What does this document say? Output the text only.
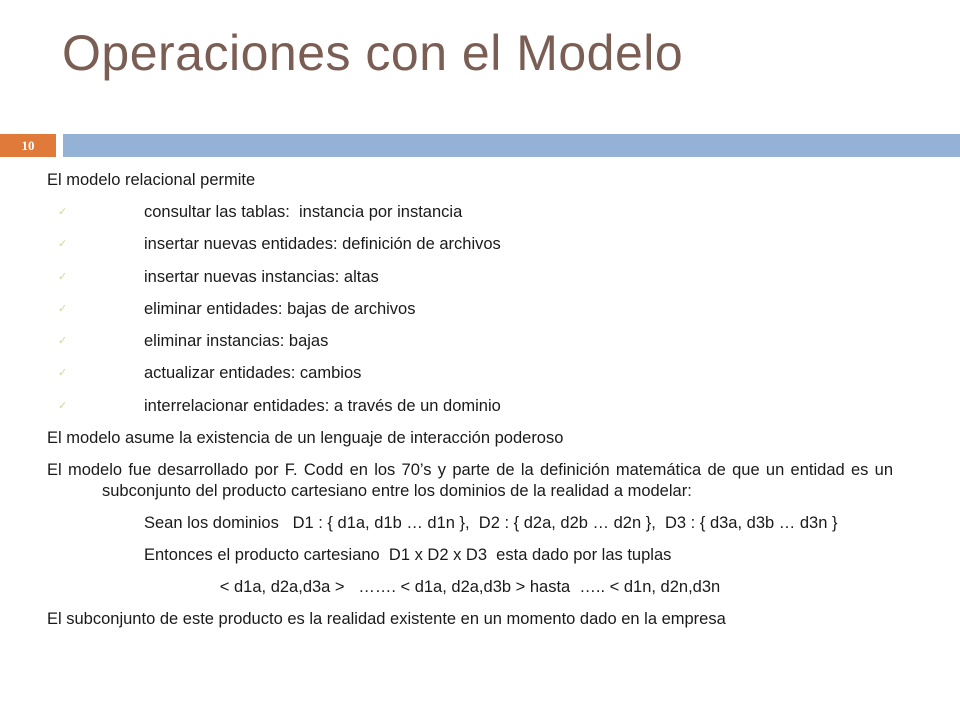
Operaciones con el Modelo
10

El modelo relacional permite

✓	consultar las tablas:  instancia por instancia
✓	insertar nuevas entidades: definición de archivos
✓	insertar nuevas instancias: altas
✓	eliminar entidades: bajas de archivos
✓	eliminar instancias: bajas
✓	actualizar entidades: cambios
✓	interrelacionar entidades: a través de un dominio

El modelo asume la existencia de un lenguaje de interacción poderoso

El modelo fue desarrollado por F. Codd en los 70’s y parte de la definición matemática de que un entidad es un subconjunto del producto cartesiano entre los dominios de la realidad a modelar:

Sean los dominios   D1 : { d1a, d1b … d1n },  D2 : { d2a, d2b … d2n },  D3 : { d3a, d3b … d3n }

Entonces el producto cartesiano  D1 x D2 x D3  esta dado por las tuplas

< d1a, d2a,d3a >   ……. < d1a, d2a,d3b > hasta  ….. < d1n, d2n,d3n

El subconjunto de este producto es la realidad existente en un momento dado en la empresa
